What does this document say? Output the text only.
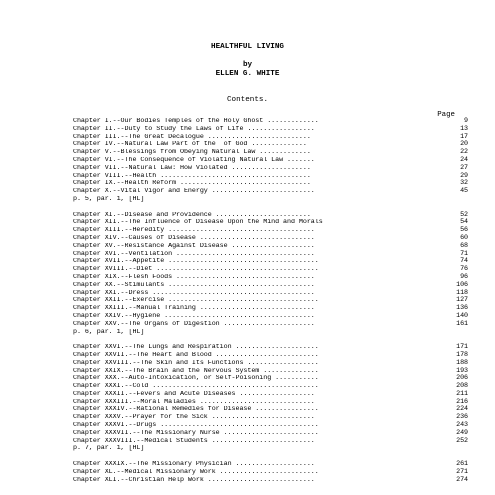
HEALTHFUL LIVING
by
ELLEN G. WHITE
Contents.
Page
Chapter I.--Our Bodies Temples of the Holy Ghost .............	9
Chapter II.--Duty to Study the Laws of Life .................	13
Chapter III.--The Great Decalogue ..........................	17
Chapter IV.--Natural Law Part of the  of God ..............	20
Chapter V.--Blessings from Obeying Natural Law .............	22
Chapter VI.--The Consequence of Violating Natural Law .......	24
Chapter VII.--Natural Law: How Violated ....................	27
Chapter VIII.--Health ......................................	29
Chapter IX.--Health Reform .................................	32
Chapter X.--Vital Vigor and Energy ..........................	45
p. 5, par. 1, [HL]
Chapter XI.--Disease and Providence ........................	52
Chapter XII.--The Influence of Disease Upon the Mind and Morals	54
Chapter XIII.--Heredity .....................................	56
Chapter XIV.--Causes of Disease .............................	60
Chapter XV.--Resistance Against Disease .....................	68
Chapter XVI.--Ventilation ...................................	71
Chapter XVII.--Appetite ......................................	74
Chapter XVIII.--Diet .........................................	76
Chapter XIX.--Flesh Foods ...................................	96
Chapter XX.--Stimulants .....................................	106
Chapter XXI.--Dress .........................................	118
Chapter XXII.--Exercise ......................................	127
Chapter XXIII.--Manual Training .............................	136
Chapter XXIV.--Hygiene ......................................	140
Chapter XXV.--The Organs of Digestion .......................	161
p. 6, par. 1, [HL]
Chapter XXVI.--The Lungs and Respiration .....................	171
Chapter XXVII.--The Heart and Blood ..........................	178
Chapter XXVIII.--The Skin and Its Functions ..................	188
Chapter XXIX.--The Brain and the Nervous System ..............	193
Chapter XXX.--Auto-Intoxication, or Self-Poisoning ...........	206
Chapter XXXI.--Cold ..........................................	208
Chapter XXXII.--Fevers and Acute Diseases ...................	211
Chapter XXXIII.--Moral Maladies .............................	216
Chapter XXXIV.--Rational Remedies for Disease ................	224
Chapter XXXV.--Prayer for the Sick ..........................	236
Chapter XXXVI.--Drugs ........................................	243
Chapter XXXVII.--The Missionary Nurse ........................	249
Chapter XXXVIII.--Medical Students ..........................	252
p. 7, par. 1, [HL]
Chapter XXXIX.--The Missionary Physician ....................	261
Chapter XL.--Medical Missionary Work .........................	271
Chapter XLI.--Christian Help Work ...........................	274
